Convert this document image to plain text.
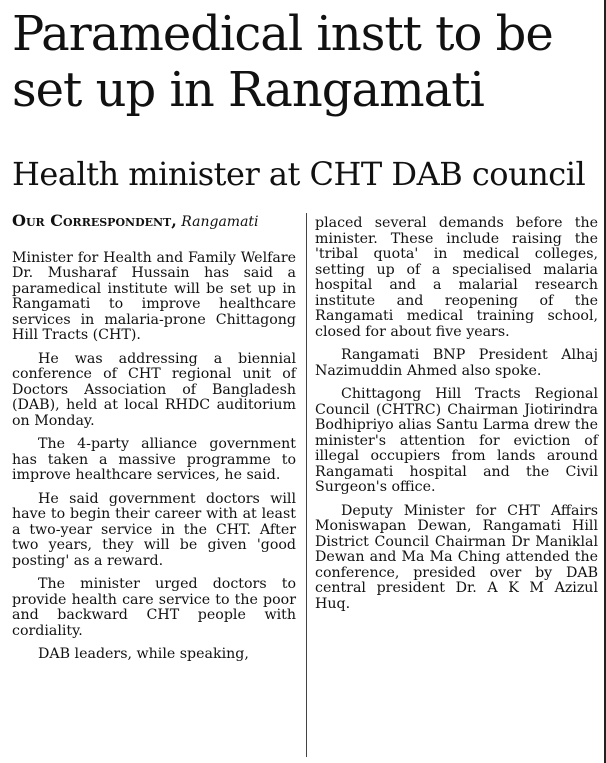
Paramedical instt to be set up in Rangamati
Health minister at CHT DAB council
Our Correspondent, Rangamati

Minister for Health and Family Welfare Dr. Musharaf Hussain has said a paramedical institute will be set up in Rangamati to improve healthcare services in malaria-prone Chittagong Hill Tracts (CHT).

He was addressing a biennial conference of CHT regional unit of Doctors Association of Bangladesh (DAB), held at local RHDC auditorium on Monday.

The 4-party alliance government has taken a massive programme to improve healthcare services, he said.

He said government doctors will have to begin their career with at least a two-year service in the CHT. After two years, they will be given 'good posting' as a reward.

The minister urged doctors to provide health care service to the poor and backward CHT people with cordiality.

DAB leaders, while speaking,

placed several demands before the minister. These include raising the 'tribal quota' in medical colleges, setting up of a specialised malaria hospital and a malarial research institute and reopening of the Rangamati medical training school, closed for about five years.

Rangamati BNP President Alhaj Nazimuddin Ahmed also spoke.

Chittagong Hill Tracts Regional Council (CHTRC) Chairman Jiotirindra Bodhipriyo alias Santu Larma drew the minister's attention for eviction of illegal occupiers from lands around Rangamati hospital and the Civil Surgeon's office.

Deputy Minister for CHT Affairs Moniswapan Dewan, Rangamati Hill District Council Chairman Dr Maniklal Dewan and Ma Ma Ching attended the conference, presided over by DAB central president Dr. A K M Azizul Huq.
